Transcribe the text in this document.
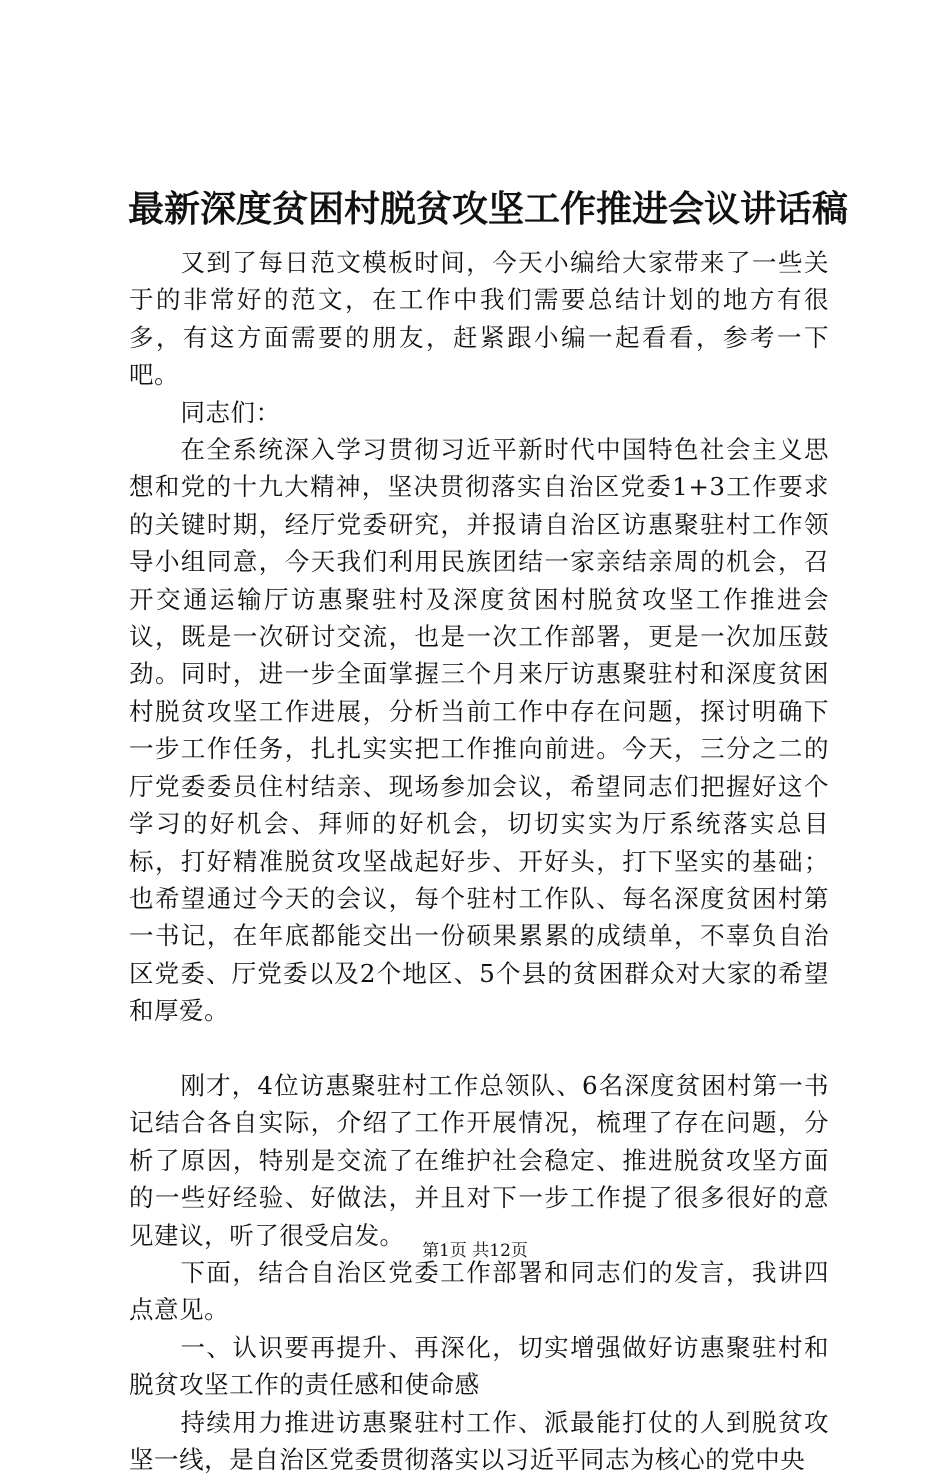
最新深度贫困村脱贫攻坚工作推进会议讲话稿

又到了每日范文模板时间，今天小编给大家带来了一些关于的非常好的范文，在工作中我们需要总结计划的地方有很多，有这方面需要的朋友，赶紧跟小编一起看看，参考一下吧。

同志们：

在全系统深入学习贯彻习近平新时代中国特色社会主义思想和党的十九大精神，坚决贯彻落实自治区党委1+3工作要求的关键时期，经厅党委研究，并报请自治区访惠聚驻村工作领导小组同意，今天我们利用民族团结一家亲结亲周的机会，召开交通运输厅访惠聚驻村及深度贫困村脱贫攻坚工作推进会议，既是一次研讨交流，也是一次工作部署，更是一次加压鼓劲。同时，进一步全面掌握三个月来厅访惠聚驻村和深度贫困村脱贫攻坚工作进展，分析当前工作中存在问题，探讨明确下一步工作任务，扎扎实实把工作推向前进。今天，三分之二的厅党委委员住村结亲、现场参加会议，希望同志们把握好这个学习的好机会、拜师的好机会，切切实实为厅系统落实总目标，打好精准脱贫攻坚战起好步、开好头，打下坚实的基础；也希望通过今天的会议，每个驻村工作队、每名深度贫困村第一书记，在年底都能交出一份硕果累累的成绩单，不辜负自治区党委、厅党委以及2个地区、5个县的贫困群众对大家的希望和厚爱。

刚才，4位访惠聚驻村工作总领队、6名深度贫困村第一书记结合各自实际，介绍了工作开展情况，梳理了存在问题，分析了原因，特别是交流了在维护社会稳定、推进脱贫攻坚方面的一些好经验、好做法，并且对下一步工作提了很多很好的意见建议，听了很受启发。

下面，结合自治区党委工作部署和同志们的发言，我讲四点意见。

一、认识要再提升、再深化，切实增强做好访惠聚驻村和脱贫攻坚工作的责任感和使命感

持续用力推进访惠聚驻村工作、派最能打仗的人到脱贫攻坚一线，是自治区党委贯彻落实以习近平同志为核心的党中央

第1页 共12页
